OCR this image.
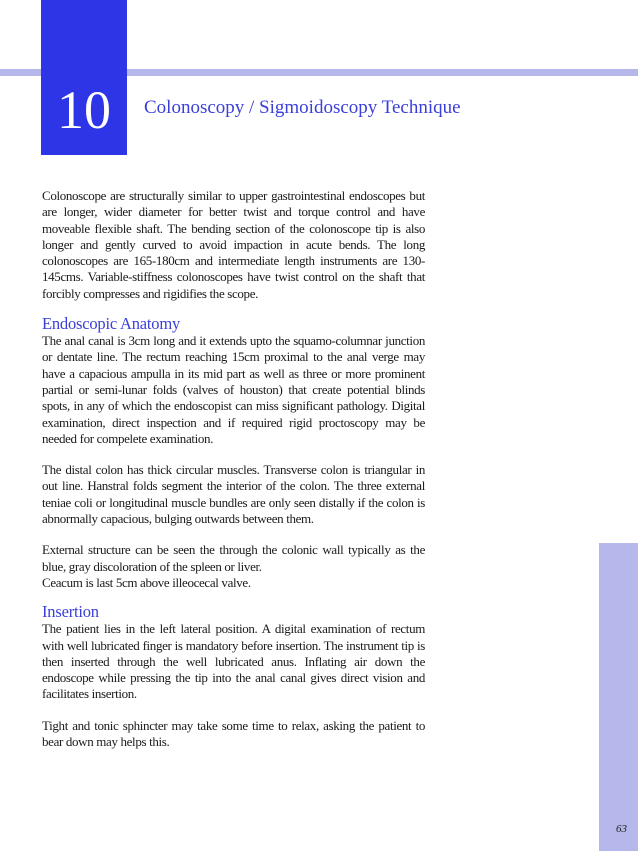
10	Colonoscopy / Sigmoidoscopy Technique

Colonoscope are structurally similar to upper gastrointestinal endoscopes but are longer, wider diameter for better twist and torque control and have moveable flexible shaft. The bending section of the colonoscope tip is also longer and gently curved to avoid impaction in acute bends. The long colonoscopes are 165-180cm and intermediate length instruments are 130-145cms. Variable-stiffness colonoscopes have twist control on the shaft that forcibly compresses and rigidifies the scope.

Endoscopic Anatomy

The anal canal is 3cm long and it extends upto the squamo-columnar junction or dentate line. The rectum reaching 15cm proximal to the anal verge may have a capacious ampulla in its mid part as well as three or more prominent partial or semi-lunar folds (valves of houston) that create potential blinds spots, in any of which the endoscopist can miss significant pathology. Digital examination, direct inspection and if required rigid proctoscopy may be needed for compelete examination.

The distal colon has thick circular muscles. Transverse colon is triangular in out line. Hanstral folds segment the interior of the colon. The three external teniae coli or longitudinal muscle bundles are only seen distally if the colon is abnormally capacious, bulging outwards between them.

External structure can be seen the through the colonic wall typically as the blue, gray discoloration of the spleen or liver.

Ceacum is last 5cm above illeocecal valve.

Insertion

The patient lies in the left lateral position. A digital examination of rectum with well lubricated finger is mandatory before insertion. The instrument tip is then inserted through the well lubricated anus. Inflating air down the endoscope while pressing the tip into the anal canal gives direct vision and facilitates insertion.

Tight and tonic sphincter may take some time to relax, asking the patient to bear down may helps this.

63
